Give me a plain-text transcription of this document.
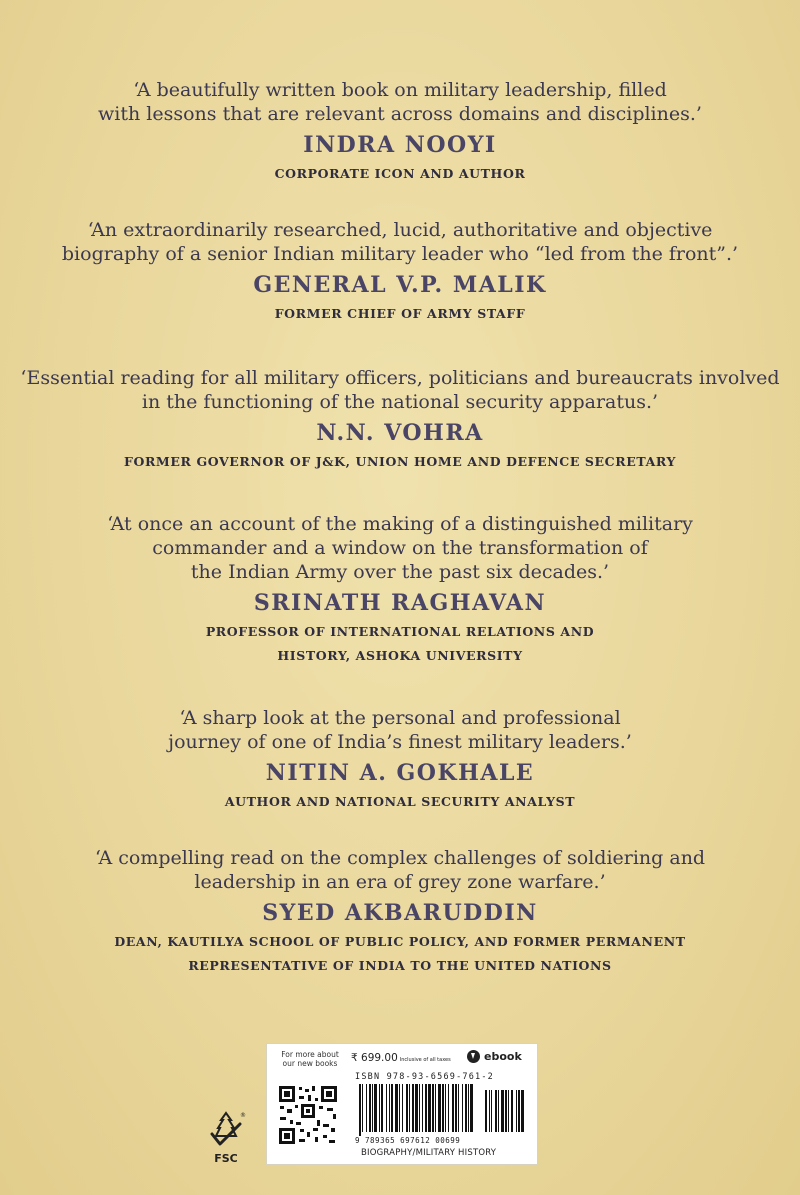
‘A beautifully written book on military leadership, filled
with lessons that are relevant across domains and disciplines.’

INDRA NOOYI
CORPORATE ICON AND AUTHOR

‘An extraordinarily researched, lucid, authoritative and objective
biography of a senior Indian military leader who “led from the front”.’

GENERAL V.P. MALIK
FORMER CHIEF OF ARMY STAFF

‘Essential reading for all military officers, politicians and bureaucrats involved
in the functioning of the national security apparatus.’

N.N. VOHRA
FORMER GOVERNOR OF J&K, UNION HOME AND DEFENCE SECRETARY

‘At once an account of the making of a distinguished military
commander and a window on the transformation of
the Indian Army over the past six decades.’

SRINATH RAGHAVAN
PROFESSOR OF INTERNATIONAL RELATIONS AND
HISTORY, ASHOKA UNIVERSITY

‘A sharp look at the personal and professional
journey of one of India’s finest military leaders.’

NITIN A. GOKHALE
AUTHOR AND NATIONAL SECURITY ANALYST

‘A compelling read on the complex challenges of soldiering and
leadership in an era of grey zone warfare.’

SYED AKBARUDDIN
DEAN, KAUTILYA SCHOOL OF PUBLIC POLICY, AND FORMER PERMANENT
REPRESENTATIVE OF INDIA TO THE UNITED NATIONS
®
FSC
For more about our new books	₹ 699.00 Inclusive of all taxes	ebook
ISBN 978-93-6569-761-2
9 789365 697612 00699
BIOGRAPHY/MILITARY HISTORY
